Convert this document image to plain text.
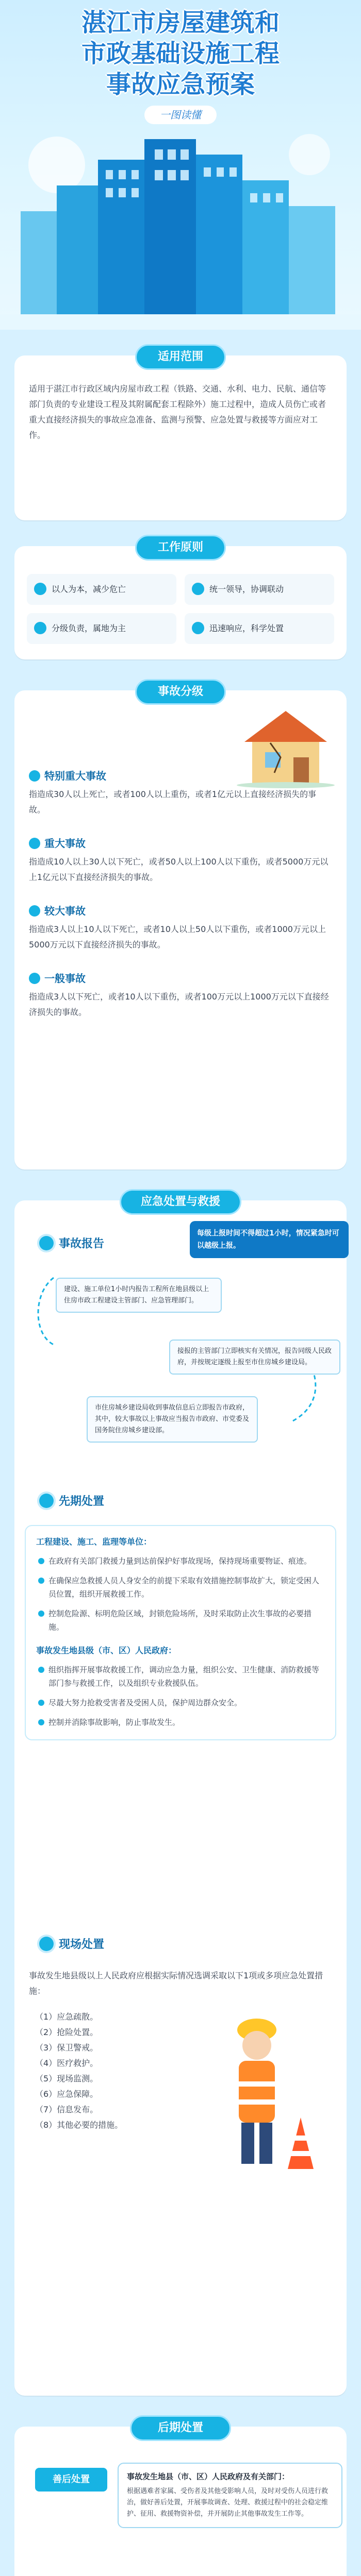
湛江市房屋建筑和
市政基础设施工程
事故应急预案
一图读懂
适用范围
适用于湛江市行政区域内房屋市政工程（铁路、交通、水利、电力、民航、通信等部门负责的专业建设工程及其附属配套工程除外）施工过程中，造成人员伤亡或者重大直接经济损失的事故应急准备、监测与预警、应急处置与救援等方面应对工作。
工作原则
以人为本，减少危亡	统一领导，协调联动
分级负责，属地为主	迅速响应，科学处置
事故分级
特别重大事故
指造成30人以上死亡，或者100人以上重伤，或者1亿元以上直接经济损失的事故。
重大事故
指造成10人以上30人以下死亡，或者50人以上100人以下重伤，或者5000万元以上1亿元以下直接经济损失的事故。
较大事故
指造成3人以上10人以下死亡，或者10人以上50人以下重伤，或者1000万元以上5000万元以下直接经济损失的事故。
一般事故
指造成3人以下死亡，或者10人以下重伤，或者100万元以上1000万元以下直接经济损失的事故。
应急处置与救援
事故报告
每级上报时间不得超过1小时，情况紧急时可以越级上报。
建设、施工单位1小时内报告工程所在地县级以上住房市政工程建设主管部门、应急管理部门。
接报的主管部门立即核实有关情况，报告同级人民政府，并按规定逐级上报至市住房城乡建设局。
市住房城乡建设局收到事故信息后立即报告市政府，其中，较大事故以上事故应当报告市政府、市党委及国务院住房城乡建设部。
先期处置
工程建设、施工、监理等单位：
在政府有关部门救援力量到达前保护好事故现场，保持现场重要物证、痕迹。
在确保应急救援人员人身安全的前提下采取有效措施控制事故扩大，锁定受困人员位置，组织开展救援工作。
控制危险源、标明危险区域，封锁危险场所，及时采取防止次生事故的必要措施。
事故发生地县级（市、区）人民政府：
组织指挥开展事故救援工作，调动应急力量，组织公安、卫生健康、消防救援等部门参与救援工作，以及组织专业救援队伍。
尽最大努力抢救受害者及受困人员，保护周边群众安全。
控制并消除事故影响，防止事故发生。
现场处置
事故发生地县级以上人民政府应根据实际情况选调采取以下1项或多项应急处置措施：
（1）应急疏散。
（2）抢险处置。
（3）保卫警戒。
（4）医疗救护。
（5）现场监测。
（6）应急保障。
（7）信息发布。
（8）其他必要的措施。
后期处置
善后处置	事故发生地县（市、区）人民政府及有关部门：
根据遇难者家属、受伤者及其他受影响人员，及时对受伤人员进行救治，做好善后处置，开展事故调查、处理、救援过程中的社会稳定维护、征用、救援物资补偿，并开展防止其他事故发生工作等。
